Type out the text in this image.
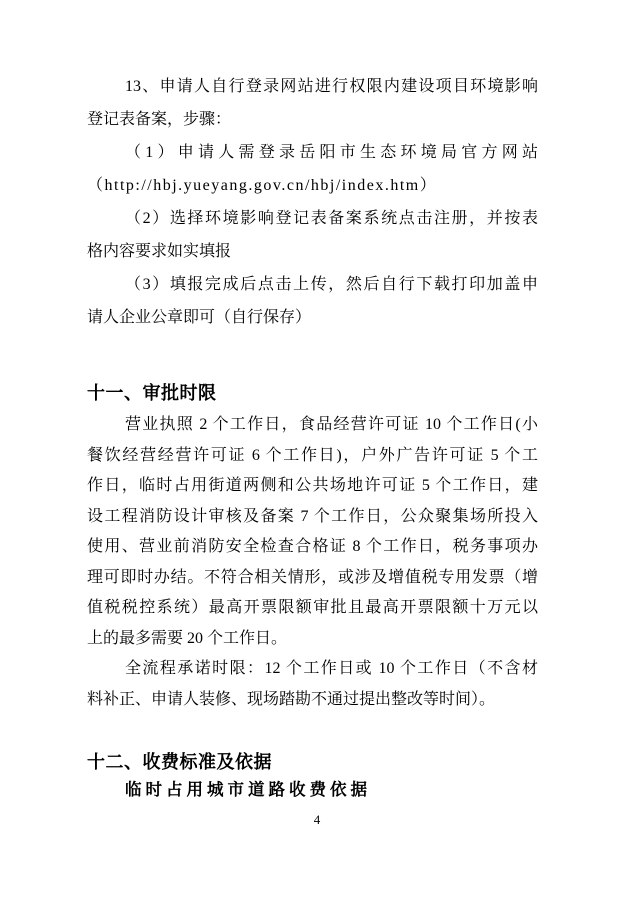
13、申请人自行登录网站进行权限内建设项目环境影响
登记表备案，步骤：
（1）申请人需登录岳阳市生态环境局官方网站
（http://hbj.yueyang.gov.cn/hbj/index.htm）
（2）选择环境影响登记表备案系统点击注册，并按表
格内容要求如实填报
（3）填报完成后点击上传，然后自行下载打印加盖申
请人企业公章即可（自行保存）
十一、审批时限
营业执照 2 个工作日，食品经营许可证 10 个工作日(小
餐饮经营经营许可证 6 个工作日)，户外广告许可证 5 个工
作日，临时占用街道两侧和公共场地许可证 5 个工作日，建
设工程消防设计审核及备案 7 个工作日，公众聚集场所投入
使用、营业前消防安全检查合格证 8 个工作日，税务事项办
理可即时办结。不符合相关情形，或涉及增值税专用发票（增
值税税控系统）最高开票限额审批且最高开票限额十万元以
上的最多需要 20 个工作日。
全流程承诺时限：12 个工作日或 10 个工作日（不含材
料补正、申请人装修、现场踏勘不通过提出整改等时间）。
十二、收费标准及依据
临时占用城市道路收费依据
4
